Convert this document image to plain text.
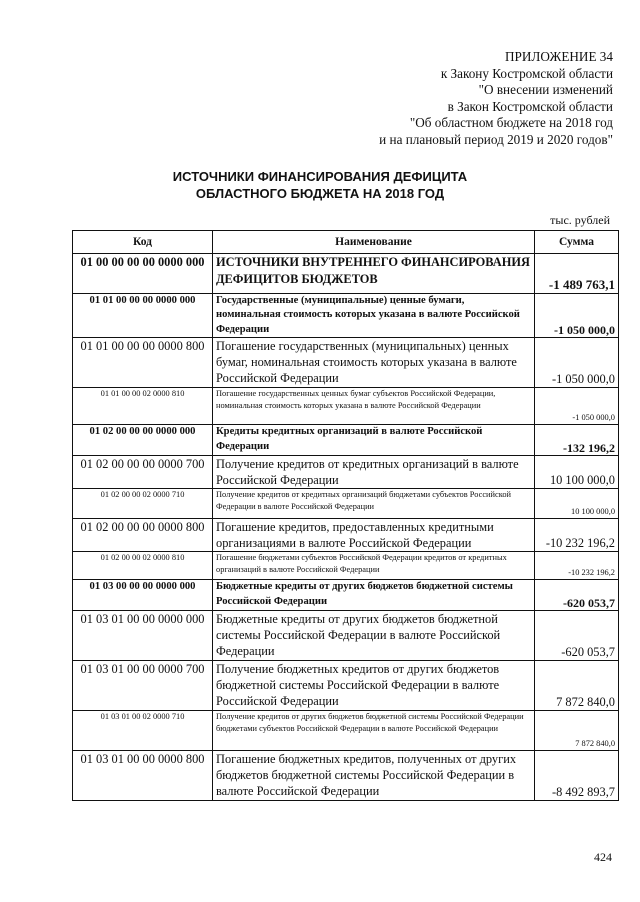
ПРИЛОЖЕНИЕ 34
к Закону Костромской области
"О внесении изменений
в Закон Костромской области
"Об областном бюджете на 2018 год
и на плановый период 2019 и 2020 годов"
ИСТОЧНИКИ ФИНАНСИРОВАНИЯ ДЕФИЦИТА
ОБЛАСТНОГО БЮДЖЕТА НА 2018 ГОД
тыс. рублей
Код	Наименование	Сумма
01 00 00 00 00 0000 000	ИСТОЧНИКИ ВНУТРЕННЕГО ФИНАНСИРОВАНИЯ ДЕФИЦИТОВ БЮДЖЕТОВ	-1 489 763,1
01 01 00 00 00 0000 000	Государственные (муниципальные) ценные бумаги, номинальная стоимость которых указана в валюте Российской Федерации	-1 050 000,0
01 01 00 00 00 0000 800	Погашение государственных (муниципальных) ценных бумаг, номинальная стоимость которых указана в валюте Российской Федерации	-1 050 000,0
01 01 00 00 02 0000 810	Погашение государственных ценных бумаг субъектов Российской Федерации, номинальная стоимость которых указана в валюте Российской Федерации	-1 050 000,0
01 02 00 00 00 0000 000	Кредиты кредитных организаций в валюте Российской Федерации	-132 196,2
01 02 00 00 00 0000 700	Получение кредитов от кредитных организаций в валюте Российской Федерации	10 100 000,0
01 02 00 00 02 0000 710	Получение кредитов от кредитных организаций бюджетами субъектов Российской Федерации в валюте Российской Федерации	10 100 000,0
01 02 00 00 00 0000 800	Погашение кредитов, предоставленных кредитными организациями в валюте Российской Федерации	-10 232 196,2
01 02 00 00 02 0000 810	Погашение бюджетами субъектов Российской Федерации кредитов от кредитных организаций в валюте Российской Федерации	-10 232 196,2
01 03 00 00 00 0000 000	Бюджетные кредиты от других бюджетов бюджетной системы Российской Федерации	-620 053,7
01 03 01 00 00 0000 000	Бюджетные кредиты от других бюджетов бюджетной системы Российской Федерации в валюте Российской Федерации	-620 053,7
01 03 01 00 00 0000 700	Получение бюджетных кредитов от других бюджетов бюджетной системы Российской Федерации в валюте Российской Федерации	7 872 840,0
01 03 01 00 02 0000 710	Получение кредитов от других бюджетов бюджетной системы Российской Федерации бюджетами субъектов Российской Федерации в валюте Российской Федерации	7 872 840,0
01 03 01 00 00 0000 800	Погашение бюджетных кредитов, полученных от других бюджетов бюджетной системы Российской Федерации в валюте Российской Федерации	-8 492 893,7
424
